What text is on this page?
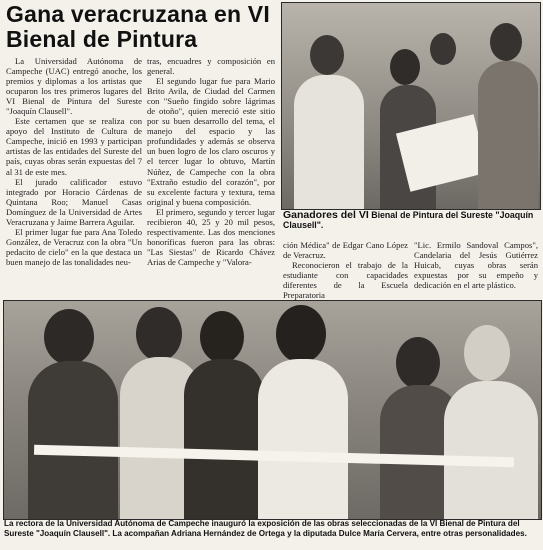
Gana veracruzana en VI Bienal de Pintura

La Universidad Autónoma de Campeche (UAC) entregó anoche, los premios y diplomas a los artistas que ocuparon los tres primeros lugares del VI Bienal de Pintura del Sureste "Joaquín Clausell".

Este certamen que se realiza con apoyo del Instituto de Cultura de Campeche, inició en 1993 y participan artistas de las entidades del Sureste del país, cuyas obras serán expuestas del 7 al 31 de este mes.

El jurado calificador estuvo integrado por Horacio Cárdenas de Quintana Roo; Manuel Casas Domínguez de la Universidad de Artes Veracruzana y Jaime Barrera Aguilar.

El primer lugar fue para Ana Toledo González, de Veracruz con la obra "Un pedacito de cielo" en la que destaca un buen manejo de las tonalidades neu-

tras, encuadres y composición en general.

El segundo lugar fue para Mario Brito Avila, de Ciudad del Carmen con "Sueño fingido sobre lágrimas de otoño", quien mereció este sitio por su buen desarrollo del tema, el manejo del espacio y las profundidades y además se observa un buen logro de los claro oscuros y el tercer lugar lo obtuvo, Martín Núñez, de Campeche con la obra "Extraño estudio del corazón", por su excelente factura y textura, tema original y buena composición.

El primero, segundo y tercer lugar recibieron 40, 25 y 20 mil pesos, respectivamente. Las dos menciones honoríficas fueron para las obras: "Las Siestas" de Ricardo Chávez Arias de Campeche y "Valora-

Ganadores del VI Bienal de Pintura del Sureste "Joaquín Clausell".

ción Médica" de Edgar Cano López de Veracruz.

Reconocieron el trabajo de la estudiante con capacidades diferentes de la Escuela Preparatoria

"Lic. Ermilo Sandoval Campos", Candelaria del Jesús Gutiérrez Huicab, cuyas obras serán expuestas por su empeño y dedicación en el arte plástico.

La rectora de la Universidad Autónoma de Campeche inauguró la exposición de las obras seleccionadas de la VI Bienal de Pintura del Sureste "Joaquín Clausell". La acompañan Adriana Hernández de Ortega y la diputada Dulce María Cervera, entre otras personalidades.
